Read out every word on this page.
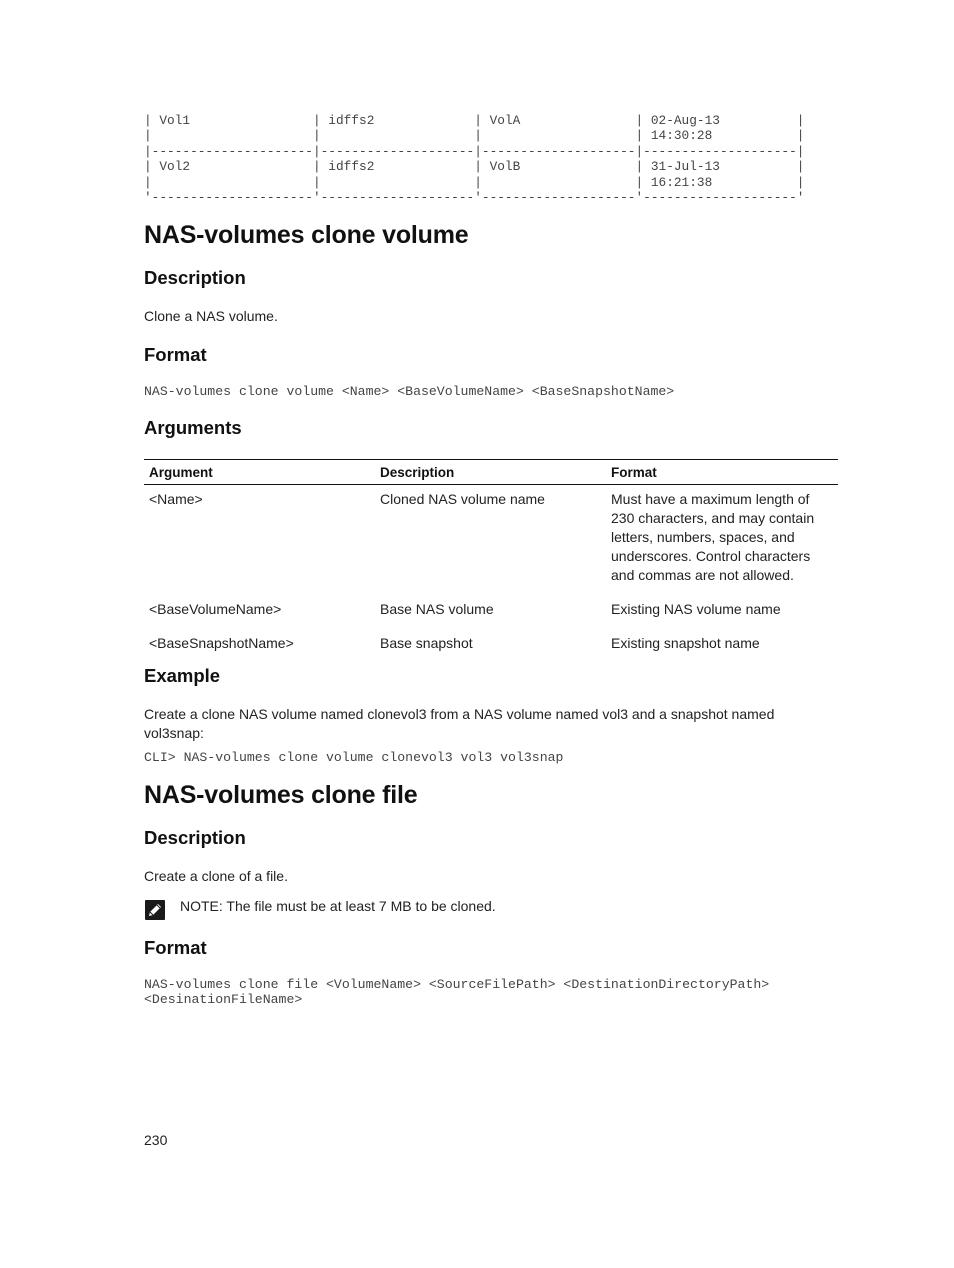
| Vol1                | idffs2             | VolA               | 02-Aug-13          |
|                     |                    |                    | 14:30:28           |
|---------------------|--------------------|--------------------|--------------------|
| Vol2                | idffs2             | VolB               | 31-Jul-13          |
|                     |                    |                    | 16:21:38           |
'---------------------'--------------------'--------------------'--------------------'
NAS-volumes clone volume
Description

Clone a NAS volume.

Format
NAS-volumes clone volume <Name> <BaseVolumeName> <BaseSnapshotName>
Arguments
Argument	Description	Format
<Name>	Cloned NAS volume name	Must have a maximum length of 230 characters, and may contain letters, numbers, spaces, and underscores. Control characters and commas are not allowed.
<BaseVolumeName>	Base NAS volume	Existing NAS volume name
<BaseSnapshotName>	Base snapshot	Existing snapshot name
Example

Create a clone NAS volume named clonevol3 from a NAS volume named vol3 and a snapshot named vol3snap:

CLI> NAS-volumes clone volume clonevol3 vol3 vol3snap
NAS-volumes clone file
Description

Create a clone of a file.

NOTE: The file must be at least 7 MB to be cloned.
Format
NAS-volumes clone file <VolumeName> <SourceFilePath> <DestinationDirectoryPath>
<DesinationFileName>
230
